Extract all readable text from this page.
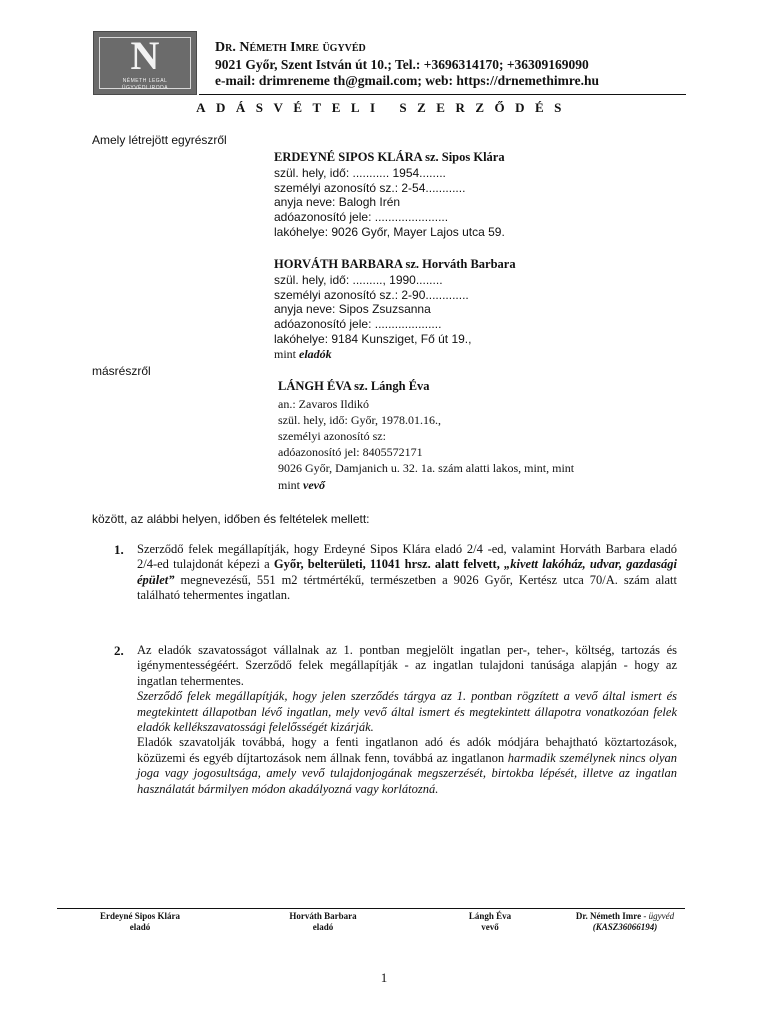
N
NÉMETH LEGAL
ÜGYVÉDI IRODA
Dr. Németh Imre ügyvéd
9021 Győr, Szent István út 10.; Tel.: +3696314170; +36309169090
e-mail: drimreneme th@gmail.com; web: https://drnemethimre.hu
ADÁSVÉTELI SZERZŐDÉS
Amely létrejött egyrészről
ERDEYNÉ SIPOS KLÁRA sz. Sipos Klára
szül. hely, idő: ........... 1954........
személyi azonosító sz.: 2-54............
anyja neve: Balogh Irén
adóazonosító jele: ......................
lakóhelye: 9026 Győr, Mayer Lajos utca 59.
HORVÁTH BARBARA sz. Horváth Barbara
szül. hely, idő: ........., 1990........
személyi azonosító sz.: 2-90.............
anyja neve: Sipos Zsuzsanna
adóazonosító jele: ....................
lakóhelye: 9184 Kunsziget, Fő út 19.,
mint eladók
másrészről
LÁNGH ÉVA sz. Lángh Éva
an.: Zavaros Ildikó
szül. hely, idő: Győr, 1978.01.16.,
személyi azonosító sz:
adóazonosító jel: 8405572171
9026 Győr, Damjanich u. 32. 1a. szám alatti lakos, mint, mint
mint vevő
között, az alábbi helyen, időben és feltételek mellett:
1. Szerződő felek megállapítják, hogy Erdeyné Sipos Klára eladó 2/4 -ed, valamint Horváth Barbara eladó 2/4-ed tulajdonát képezi a Győr, belterületi, 11041 hrsz. alatt felvett, „kivett lakóház, udvar, gazdasági épület” megnevezésű, 551 m2 tértmértékű, természetben a 9026 Győr, Kertész utca 70/A. szám alatt található tehermentes ingatlan.
2. Az eladók szavatosságot vállalnak az 1. pontban megjelölt ingatlan per-, teher-, költség, tartozás és igénymentességéért. Szerződő felek megállapítják - az ingatlan tulajdoni tanúsága alapján - hogy az ingatlan tehermentes.
Szerződő felek megállapítják, hogy jelen szerződés tárgya az 1. pontban rögzített a vevő által ismert és megtekintett állapotban lévő ingatlan, mely vevő által ismert és megtekintett állapotra vonatkozóan felek eladók kellékszavatossági felelősségét kizárják.
Eladók szavatolják továbbá, hogy a fenti ingatlanon adó és adók módjára behajtható köztartozások, közüzemi és egyéb díjtartozások nem állnak fenn, továbbá az ingatlanon harmadik személynek nincs olyan joga vagy jogosultsága, amely vevő tulajdonjogának megszerzését, birtokba lépését, illetve az ingatlan használatát bármilyen módon akadályozná vagy korlátozná.
Erdeyné Sipos Klára
eladó
Horváth Barbara
eladó
Lángh Éva
vevő
Dr. Németh Imre - ügyvéd
(KASZ36066194)
1
